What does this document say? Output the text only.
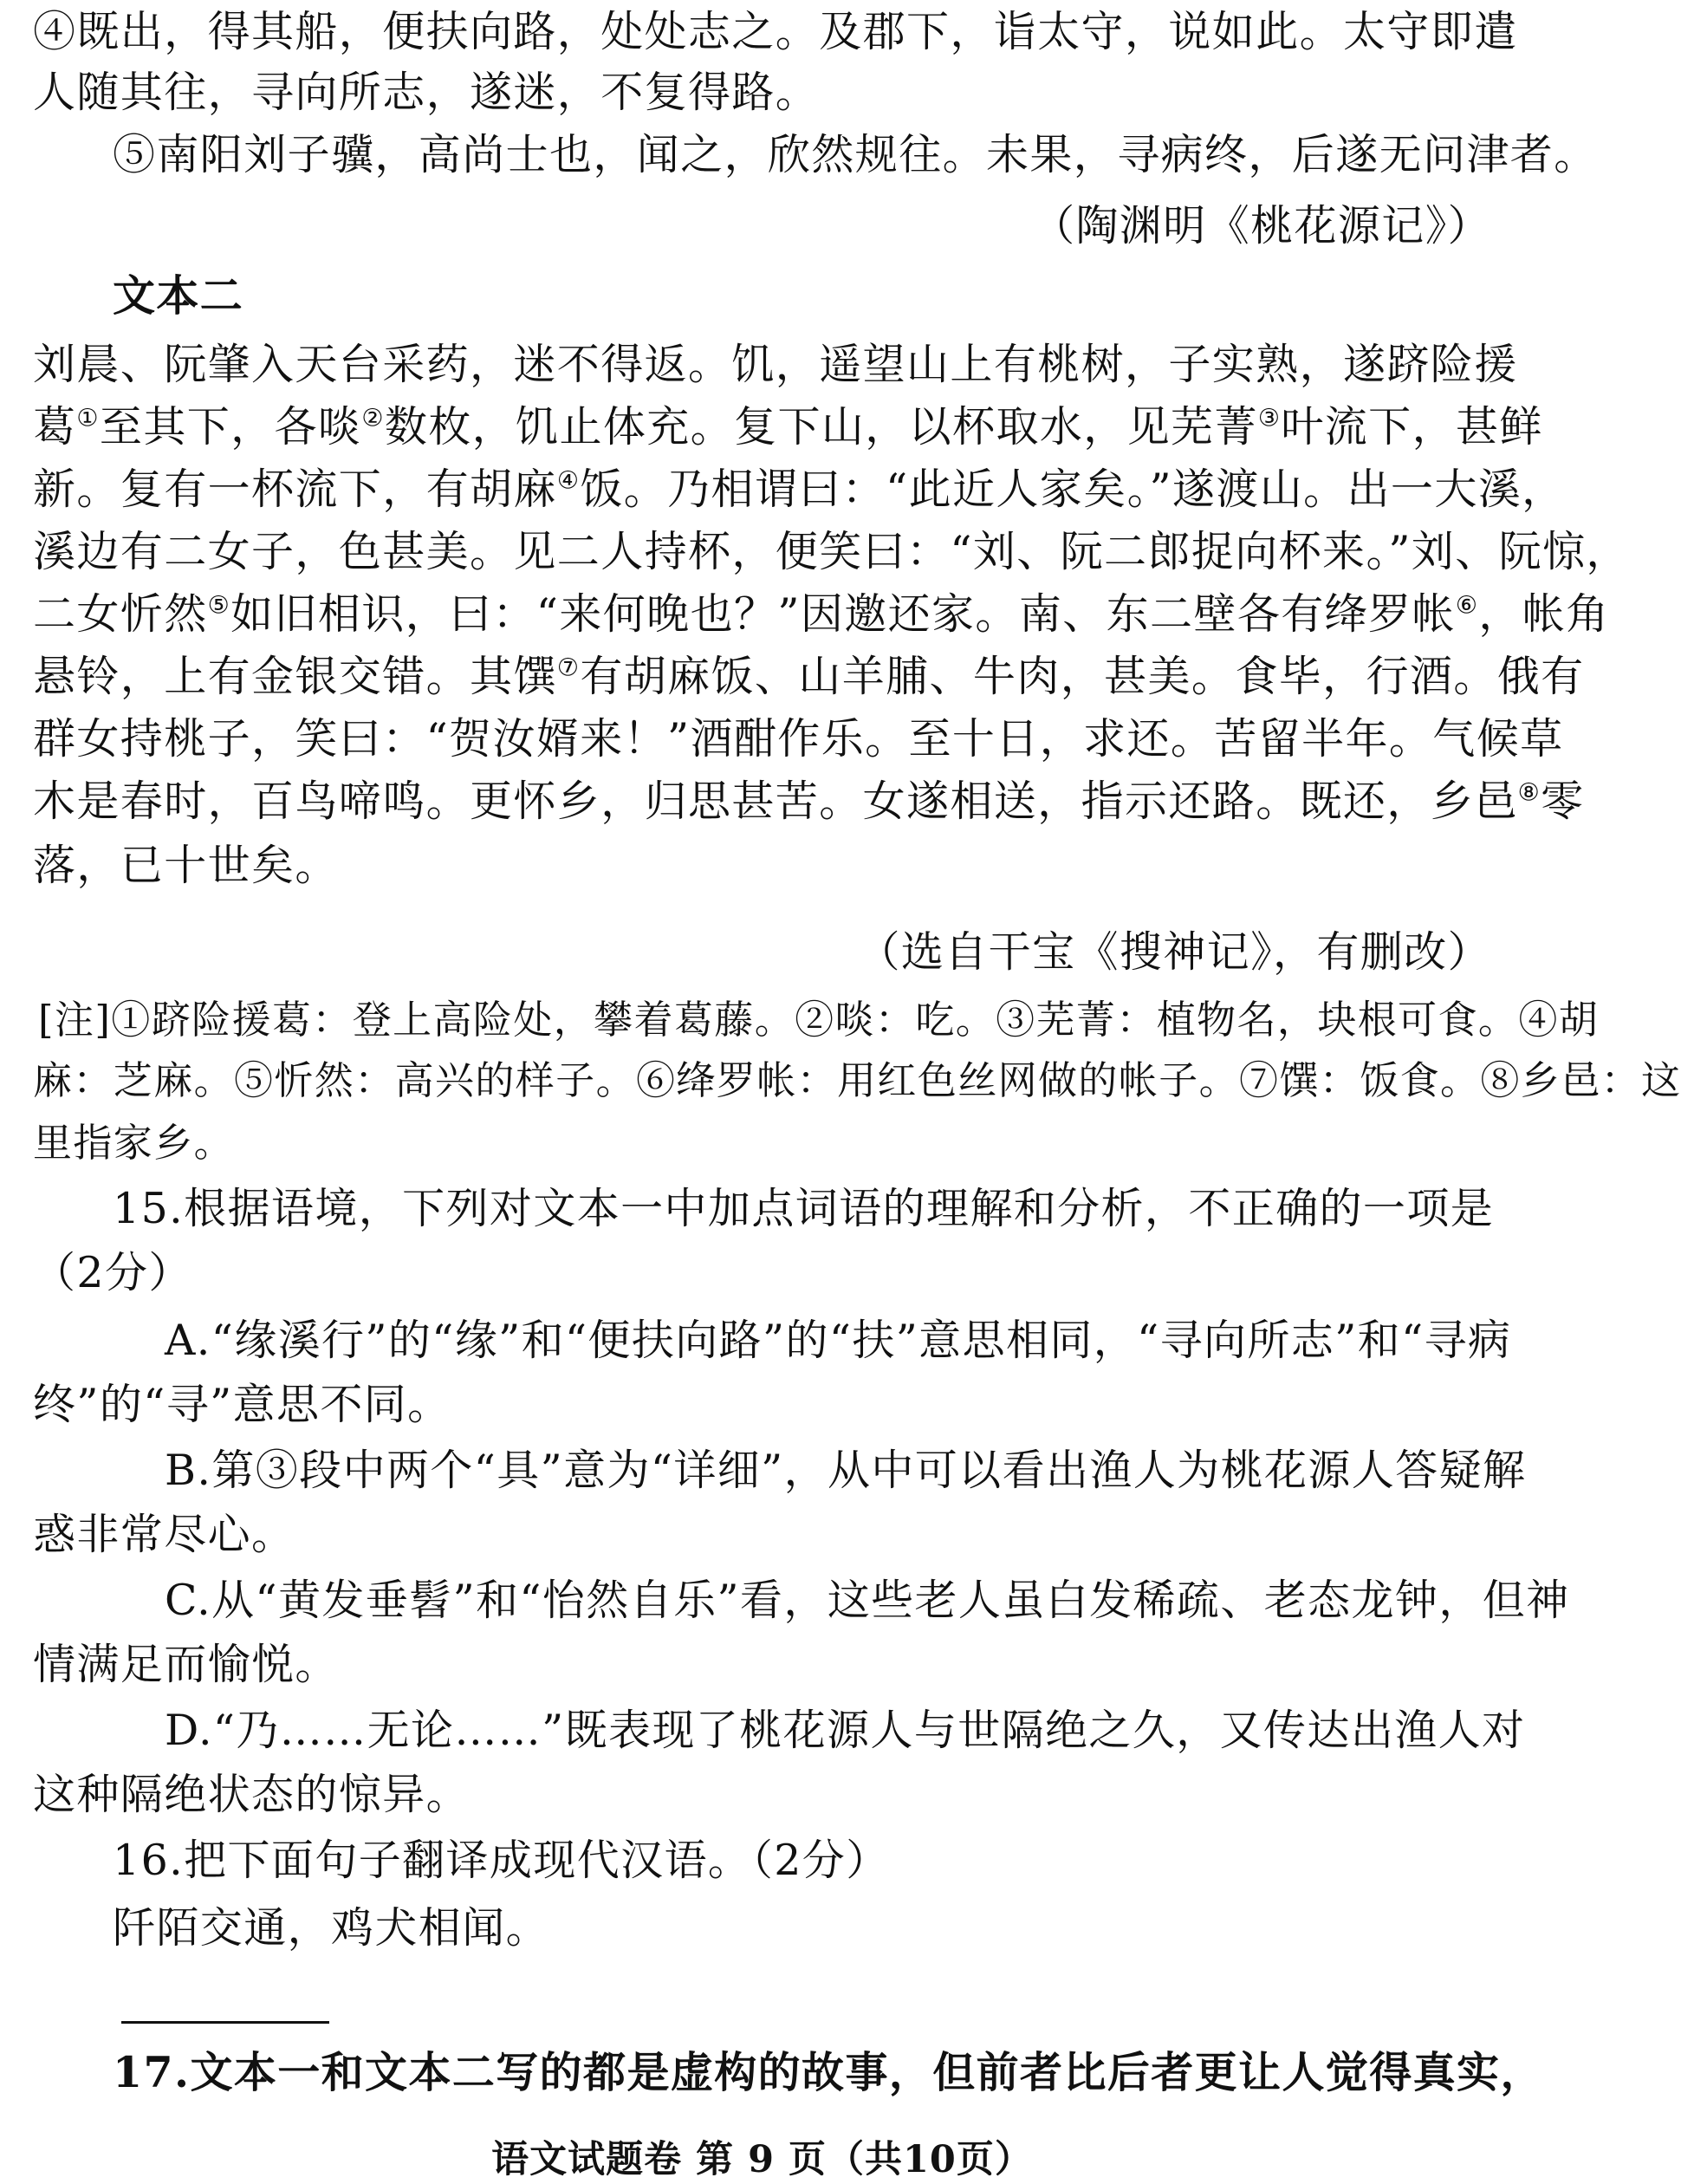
④既出，得其船，便扶向路，处处志之。及郡下，诣太守，说如此。太守即遣
人随其往，寻向所志，遂迷，不复得路。
⑤南阳刘子骥，高尚士也，闻之，欣然规往。未果，寻病终，后遂无问津者。
（陶渊明《桃花源记》）
文本二
刘晨、阮肇入天台采药，迷不得返。饥，遥望山上有桃树，子实熟，遂跻险援
葛①至其下，各啖②数枚，饥止体充。复下山，以杯取水，见芜菁③叶流下，甚鲜
新。复有一杯流下，有胡麻④饭。乃相谓曰：“此近人家矣。”遂渡山。出一大溪，
溪边有二女子，色甚美。见二人持杯，便笑曰：“刘、阮二郎捉向杯来。”刘、阮惊，
二女忻然⑤如旧相识，曰：“来何晚也？”因邀还家。南、东二壁各有绛罗帐⑥，帐角
悬铃，上有金银交错。其馔⑦有胡麻饭、山羊脯、牛肉，甚美。食毕，行酒。俄有
群女持桃子，笑曰：“贺汝婿来！”酒酣作乐。至十日，求还。苦留半年。气候草
木是春时，百鸟啼鸣。更怀乡，归思甚苦。女遂相送，指示还路。既还，乡邑⑧零
落，已十世矣。
（选自干宝《搜神记》，有删改）
[注]①跻险援葛：登上高险处，攀着葛藤。②啖：吃。③芜菁：植物名，块根可食。④胡
麻：芝麻。⑤忻然：高兴的样子。⑥绛罗帐：用红色丝网做的帐子。⑦馔：饭食。⑧乡邑：这
里指家乡。
15.根据语境，下列对文本一中加点词语的理解和分析，不正确的一项是
（2分）
A.“缘溪行”的“缘”和“便扶向路”的“扶”意思相同，“寻向所志”和“寻病
终”的“寻”意思不同。
B.第③段中两个“具”意为“详细”，从中可以看出渔人为桃花源人答疑解
惑非常尽心。
C.从“黄发垂髫”和“怡然自乐”看，这些老人虽白发稀疏、老态龙钟，但神
情满足而愉悦。
D.“乃……无论……”既表现了桃花源人与世隔绝之久，又传达出渔人对
这种隔绝状态的惊异。
16.把下面句子翻译成现代汉语。（2分）
阡陌交通，鸡犬相闻。
17.文本一和文本二写的都是虚构的故事，但前者比后者更让人觉得真实，
语文试题卷 第 9 页（共10页）
